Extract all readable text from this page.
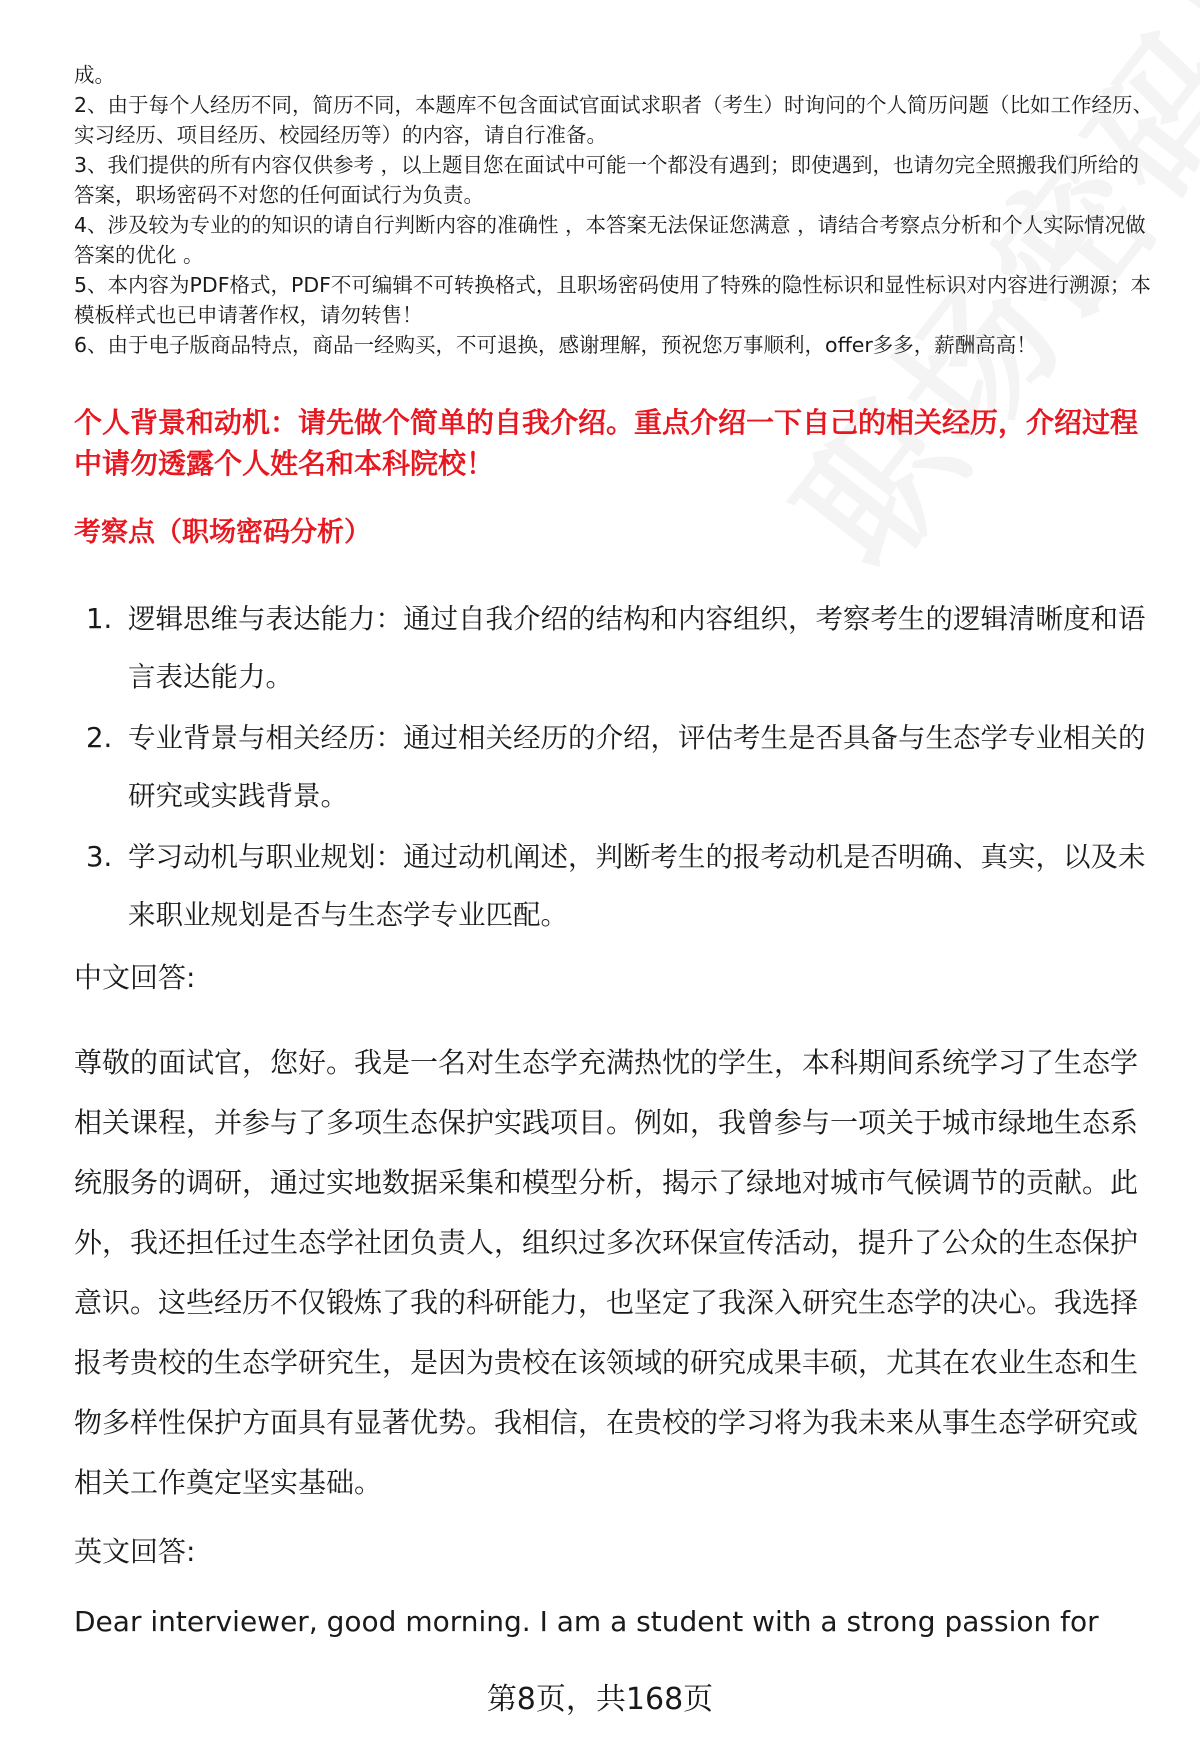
成。

2、由于每个人经历不同，简历不同，本题库不包含面试官面试求职者（考生）时询问的个人简历问题（比如工作经历、实习经历、项目经历、校园经历等）的内容，请自行准备。

3、我们提供的所有内容仅供参考 ，以上题目您在面试中可能一个都没有遇到；即使遇到，也请勿完全照搬我们所给的答案，职场密码不对您的任何面试行为负责。

4、涉及较为专业的的知识的请自行判断内容的准确性 ，本答案无法保证您满意 ，请结合考察点分析和个人实际情况做答案的优化 。

5、本内容为PDF格式，PDF不可编辑不可转换格式，且职场密码使用了特殊的隐性标识和显性标识对内容进行溯源；本模板样式也已申请著作权，请勿转售！

6、由于电子版商品特点，商品一经购买，不可退换，感谢理解，预祝您万事顺利，offer多多，薪酬高高！

个人背景和动机：请先做个简单的自我介绍。重点介绍一下自己的相关经历，介绍过程中请勿透露个人姓名和本科院校！
考察点（职场密码分析）
1. 逻辑思维与表达能力：通过自我介绍的结构和内容组织，考察考生的逻辑清晰度和语言表达能力。
2. 专业背景与相关经历：通过相关经历的介绍，评估考生是否具备与生态学专业相关的研究或实践背景。
3. 学习动机与职业规划：通过动机阐述，判断考生的报考动机是否明确、真实，以及未来职业规划是否与生态学专业匹配。
中文回答:

尊敬的面试官，您好。我是一名对生态学充满热忱的学生，本科期间系统学习了生态学相关课程，并参与了多项生态保护实践项目。例如，我曾参与一项关于城市绿地生态系统服务的调研，通过实地数据采集和模型分析，揭示了绿地对城市气候调节的贡献。此外，我还担任过生态学社团负责人，组织过多次环保宣传活动，提升了公众的生态保护意识。这些经历不仅锻炼了我的科研能力，也坚定了我深入研究生态学的决心。我选择报考贵校的生态学研究生，是因为贵校在该领域的研究成果丰硕，尤其在农业生态和生物多样性保护方面具有显著优势。我相信，在贵校的学习将为我未来从事生态学研究或相关工作奠定坚实基础。

英文回答:

Dear interviewer, good morning. I am a student with a strong passion for

第8页，共168页
